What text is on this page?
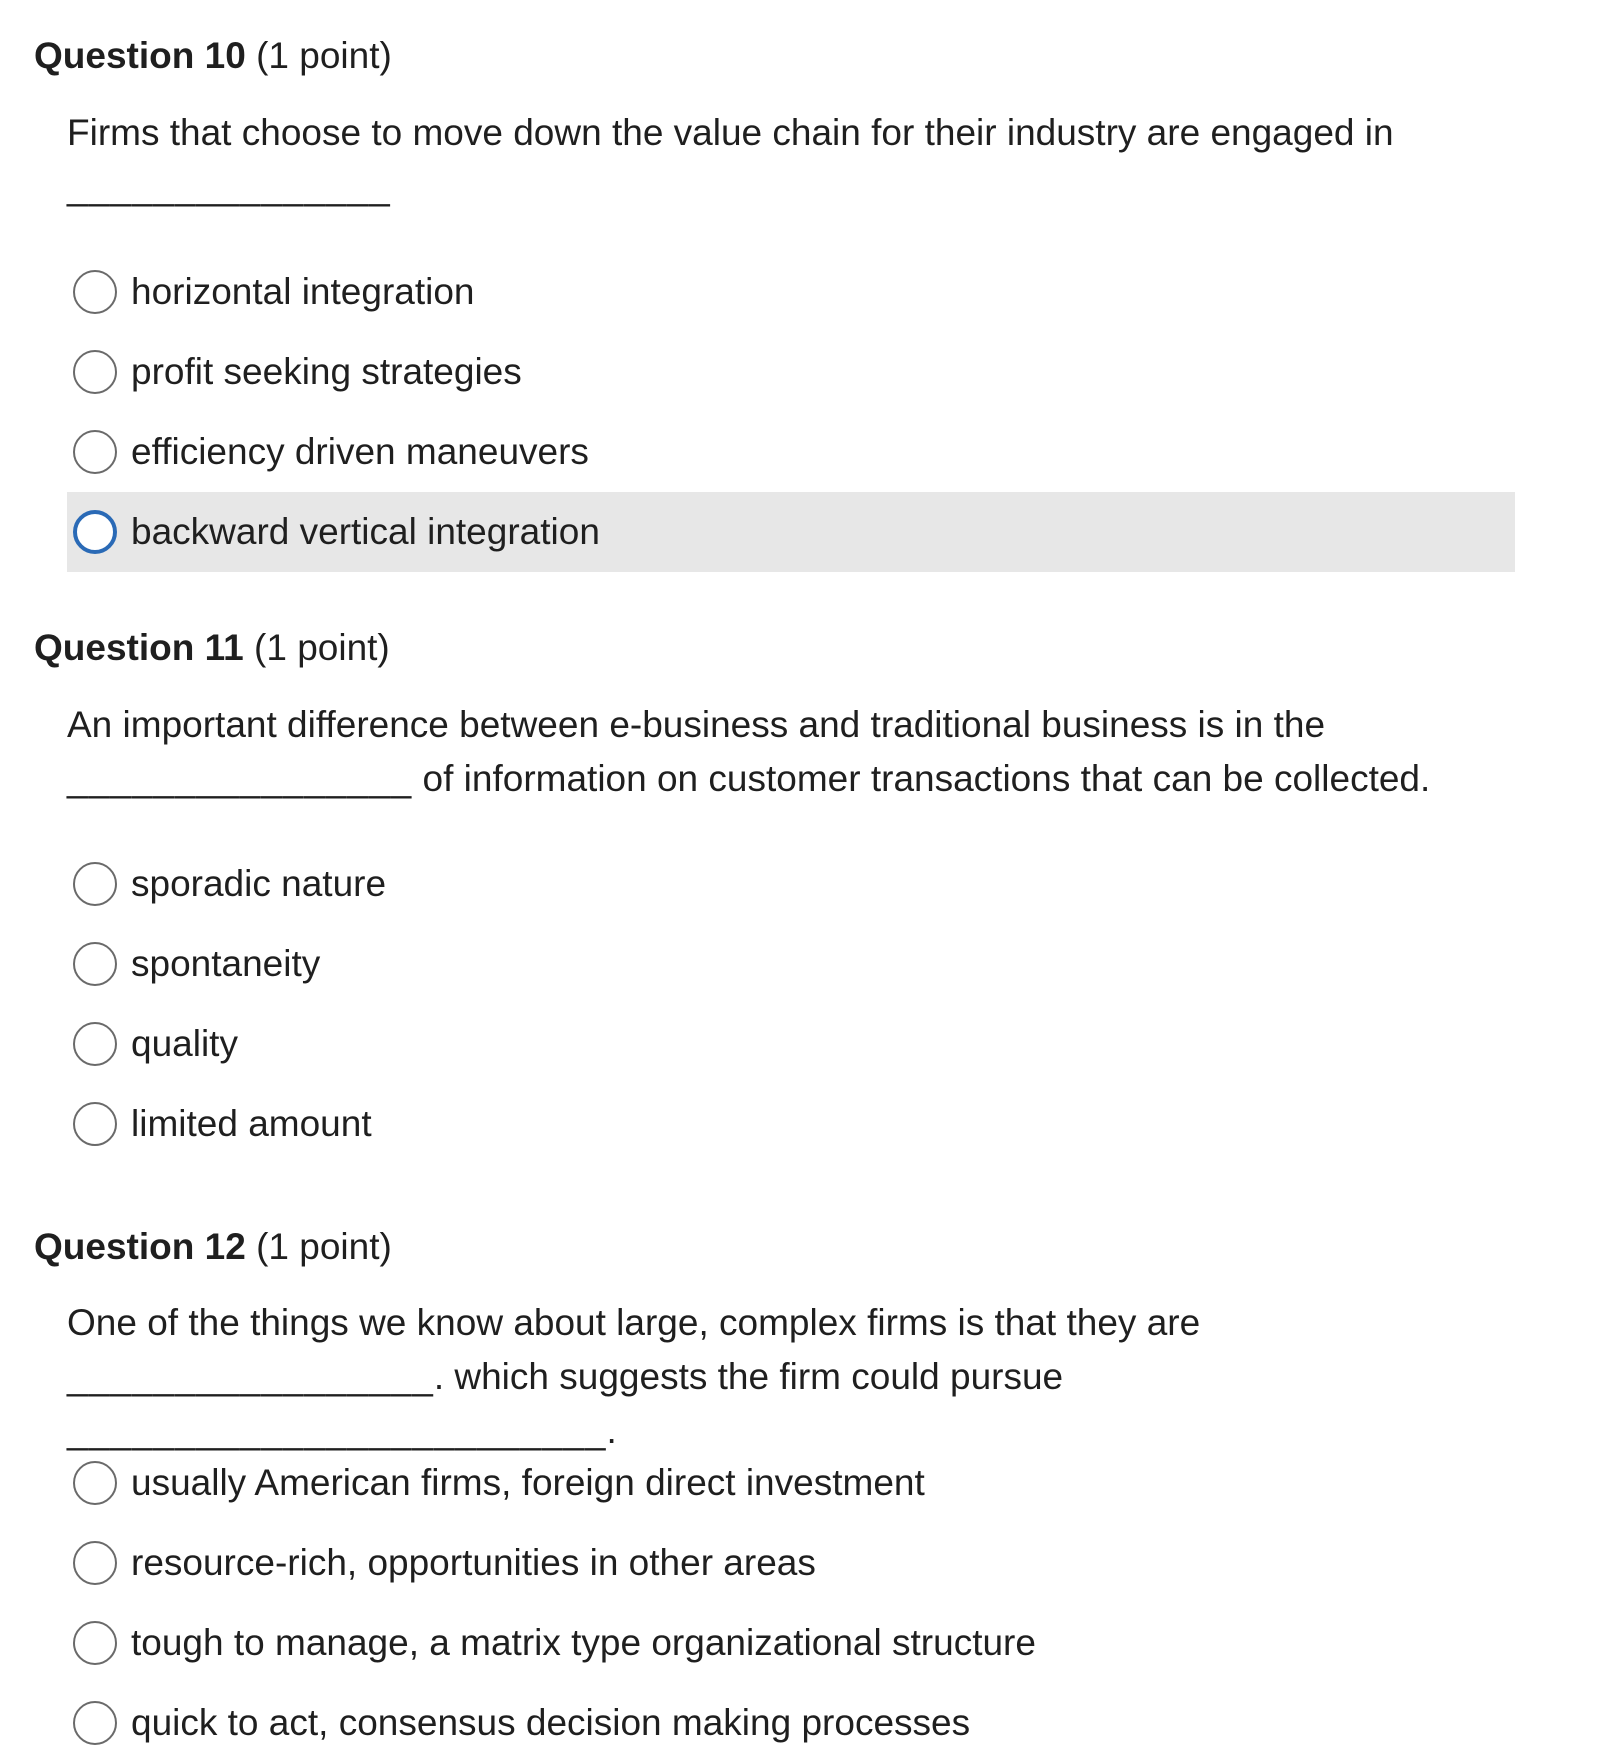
Question 10 (1 point)
Firms that choose to move down the value chain for their industry are engaged in
_______________
horizontal integration
profit seeking strategies
efficiency driven maneuvers
backward vertical integration
Question 11 (1 point)
An important difference between e-business and traditional business is in the
________________ of information on customer transactions that can be collected.
sporadic nature
spontaneity
quality
limited amount
Question 12 (1 point)
One of the things we know about large, complex firms is that they are
_________________. which suggests the firm could pursue _________________________.
usually American firms, foreign direct investment
resource-rich, opportunities in other areas
tough to manage, a matrix type organizational structure
quick to act, consensus decision making processes
